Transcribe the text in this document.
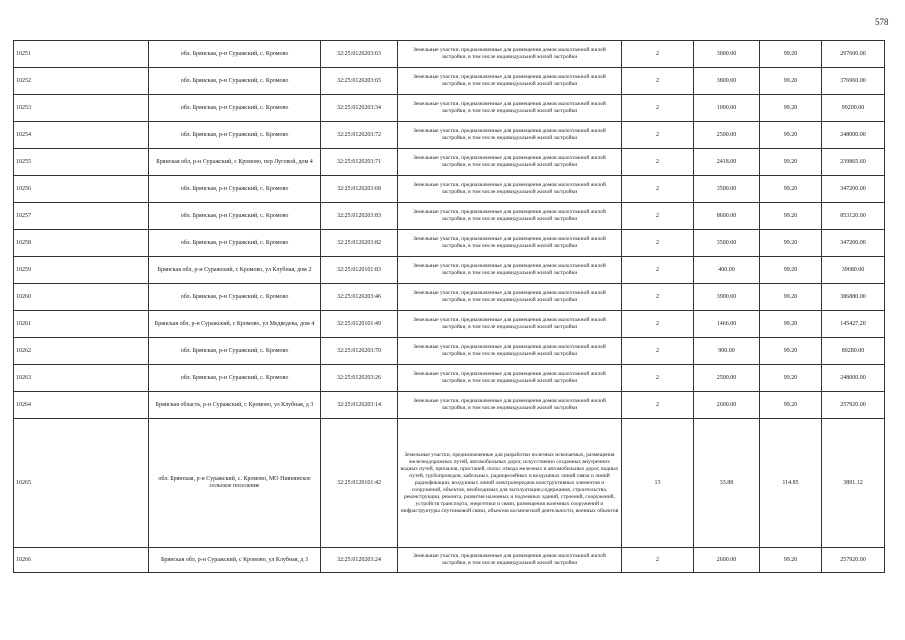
578
10251	обл. Брянская, р-н Суражский, с. Кромово	32:25:0120203:63	Земельные участки, предназначенные для размещения домов малоэтажной жилой застройки, в том числе индивидуальной жилой застройки	2	3000.00	99.20	297600.00
10252	обл. Брянская, р-н Суражский, с. Кромово	32:25:0120203:65	Земельные участки, предназначенные для размещения домов малоэтажной жилой застройки, в том числе индивидуальной жилой застройки	2	3800.00	99.20	376960.00
10253	обл. Брянская, р-н Суражский, с. Кромово	32:25:0120203:34	Земельные участки, предназначенные для размещения домов малоэтажной жилой застройки, в том числе индивидуальной жилой застройки	2	1000.00	99.20	99200.00
10254	обл. Брянская, р-н Суражский, с. Кромово	32:25:0120203:72	Земельные участки, предназначенные для размещения домов малоэтажной жилой застройки, в том числе индивидуальной жилой застройки	2	2500.00	99.20	248000.00
10255	Брянская обл, р-н Суражский, с Кромово, пер Луговой, дом 4	32:25:0120203:71	Земельные участки, предназначенные для размещения домов малоэтажной жилой застройки, в том числе индивидуальной жилой застройки	2	2418.00	99.20	239865.60
10256	обл. Брянская, р-н Суражский, с. Кромово	32:25:0120203:68	Земельные участки, предназначенные для размещения домов малоэтажной жилой застройки, в том числе индивидуальной жилой застройки	2	3500.00	99.20	347200.00
10257	обл. Брянская, р-н Суражский, с. Кромово	32:25:0120203:83	Земельные участки, предназначенные для размещения домов малоэтажной жилой застройки, в том числе индивидуальной жилой застройки	2	8600.00	99.20	853120.00
10258	обл. Брянская, р-н Суражский, с. Кромово	32:25:0120203:82	Земельные участки, предназначенные для размещения домов малоэтажной жилой застройки, в том числе индивидуальной жилой застройки	2	3500.00	99.20	347200.00
10259	Брянская обл, р-н Суражский, с Кромово, ул Клубная, дом 2	32:25:0120101:83	Земельные участки, предназначенные для размещения домов малоэтажной жилой застройки, в том числе индивидуальной жилой застройки	2	400.00	99.20	39680.00
10260	обл. Брянская, р-н Суражский, с. Кромово	32:25:0120203:46	Земельные участки, предназначенные для размещения домов малоэтажной жилой застройки, в том числе индивидуальной жилой застройки	2	3900.00	99.20	386880.00
10261	Брянская обл, р-н Суражский, с Кромово, ул Медведева, дом 4	32:25:0120101:49	Земельные участки, предназначенные для размещения домов малоэтажной жилой застройки, в том числе индивидуальной жилой застройки	2	1466.00	99.20	145427.20
10262	обл. Брянская, р-н Суражский, с. Кромово	32:25:0120203:70	Земельные участки, предназначенные для размещения домов малоэтажной жилой застройки, в том числе индивидуальной жилой застройки	2	900.00	99.20	89280.00
10263	обл. Брянская, р-н Суражский, с. Кромово	32:25:0120203:26	Земельные участки, предназначенные для размещения домов малоэтажной жилой застройки, в том числе индивидуальной жилой застройки	2	2500.00	99.20	248000.00
10264	Брянская область, р-н Суражский, с Кромово, ул Клубная, д 3	32:25:0120203:14	Земельные участки, предназначенные для размещения домов малоэтажной жилой застройки, в том числе индивидуальной жилой застройки	2	2600.00	99.20	257920.00
10265	обл. Брянская, р-н Суражский, с. Кромово, МО Нивнянское сельское поселение	32:25:0120101:42	Земельные участки, предназначенные для разработки полезных ископаемых, размещения железнодорожных путей, автомобильных дорог, искусственно созданных внутренних водных путей, причалов, пристаней, полос отвода железных и автомобильных дорог, водных путей, трубопроводов, кабельных, радиорелейных и воздушных линий связи и линий радиофикации, воздушных линий электропередачи конструктивных элементов и сооружений, объектов, необходимых для эксплуатации,содержания, строительства, реконструкции, ремонта, развития наземных и подземных зданий, строений, сооружений, устройств транспорта, энергетики и связи, размещения наземных сооружений и инфраструктуры спутниковой связи, объектов космической деятельности, военных объектов	13	33.88	114.85	3891.12
10266	Брянская обл, р-н Суражский, с Кромово, ул Клубная, д 3	32:25:0120203:24	Земельные участки, предназначенные для размещения домов малоэтажной жилой застройки, в том числе индивидуальной жилой застройки	2	2600.00	99.20	257920.00
